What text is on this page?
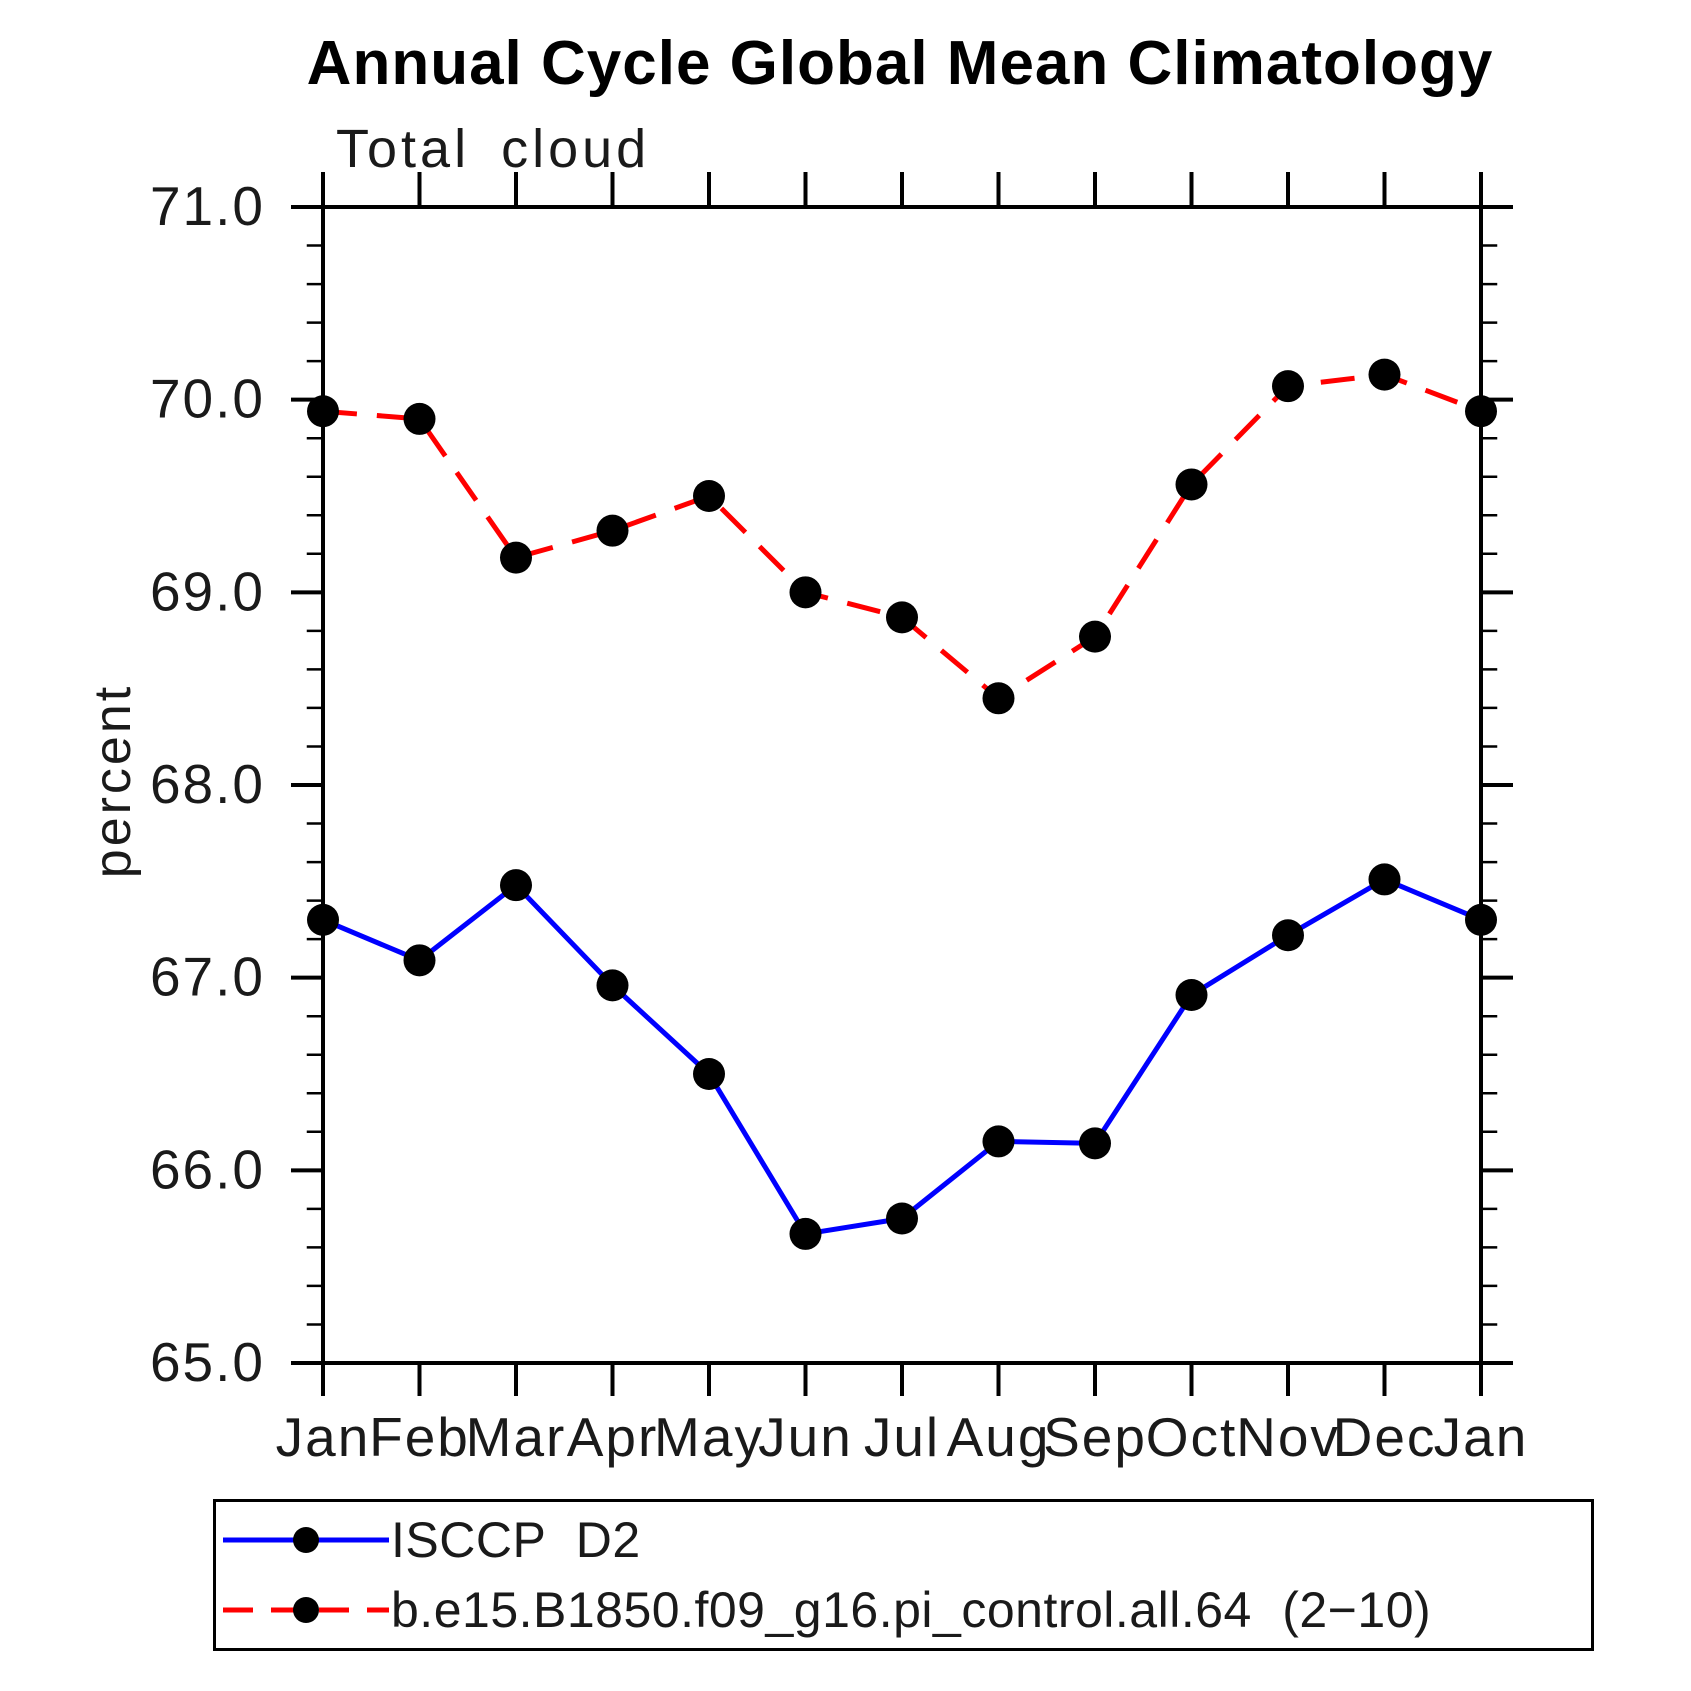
Annual Cycle Global Mean Climatology
Total cloud
percent
65.0
66.0
67.0
68.0
69.0
70.0
71.0
Jan
Feb
Mar Apr
May
Jun Jul Aug
Sep
Oct
Nov
Dec
Jan
ISCCP D2
b.e15.B1850.f09_g16.pi_control.all.64 (2−10)
